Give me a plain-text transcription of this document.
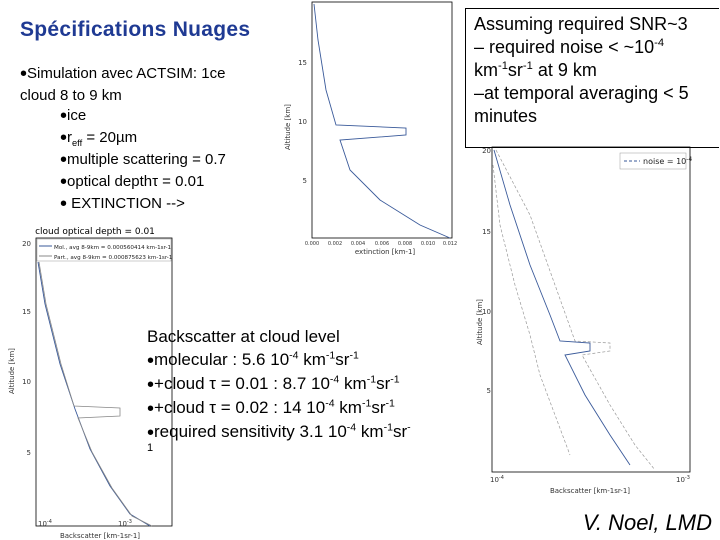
Spécifications Nuages
•Simulation avec ACTSIM: 1ce
cloud 8 to 9 km
•ice
$•r_{eff} = 20\mu m$
•multiple scattering = 0.7
•optical depthτ = 0.01
• EXTINCTION -->
Altitude [km]
5
10
15
0.000 0.002 0.004 0.006 0.008 0.010 0.012
extinction [km-1]
Assuming required SNR~3
– required noise < $\sim 10^{-4}$
$km^{-1}sr^{-1}$ at 9 km
–at temporal averaging < 5
minutes
cloud optical depth = 0.01
Mol., avg 8-9km = 0.000560414 km-1sr-1
Part., avg 8-9km = 0.000875623 km-1sr-1
Altitude [km]
5
10
15
20
$10^{-4}$	$10^{-3}$
Backscatter [km-1sr-1]
noise = $10^{-4}$
Altitude [km]
5
10
15
20
$10^{-4}$	$10^{-3}$
Backscatter [km-1sr-1]
Backscatter at cloud level
•molecular : 5.6 $10^{-4}$ $km^{-1}sr^{-1}$
•+cloud τ = 0.01 : 8.7 $10^{-4}$ $km^{-1}sr^{-1}$
•+cloud τ = 0.02 : 14 $10^{-4}$ $km^{-1}sr^{-1}$
•required sensitivity 3.1 $10^{-4}$ $km^{-1}sr^-$
1
V. Noel, LMD
